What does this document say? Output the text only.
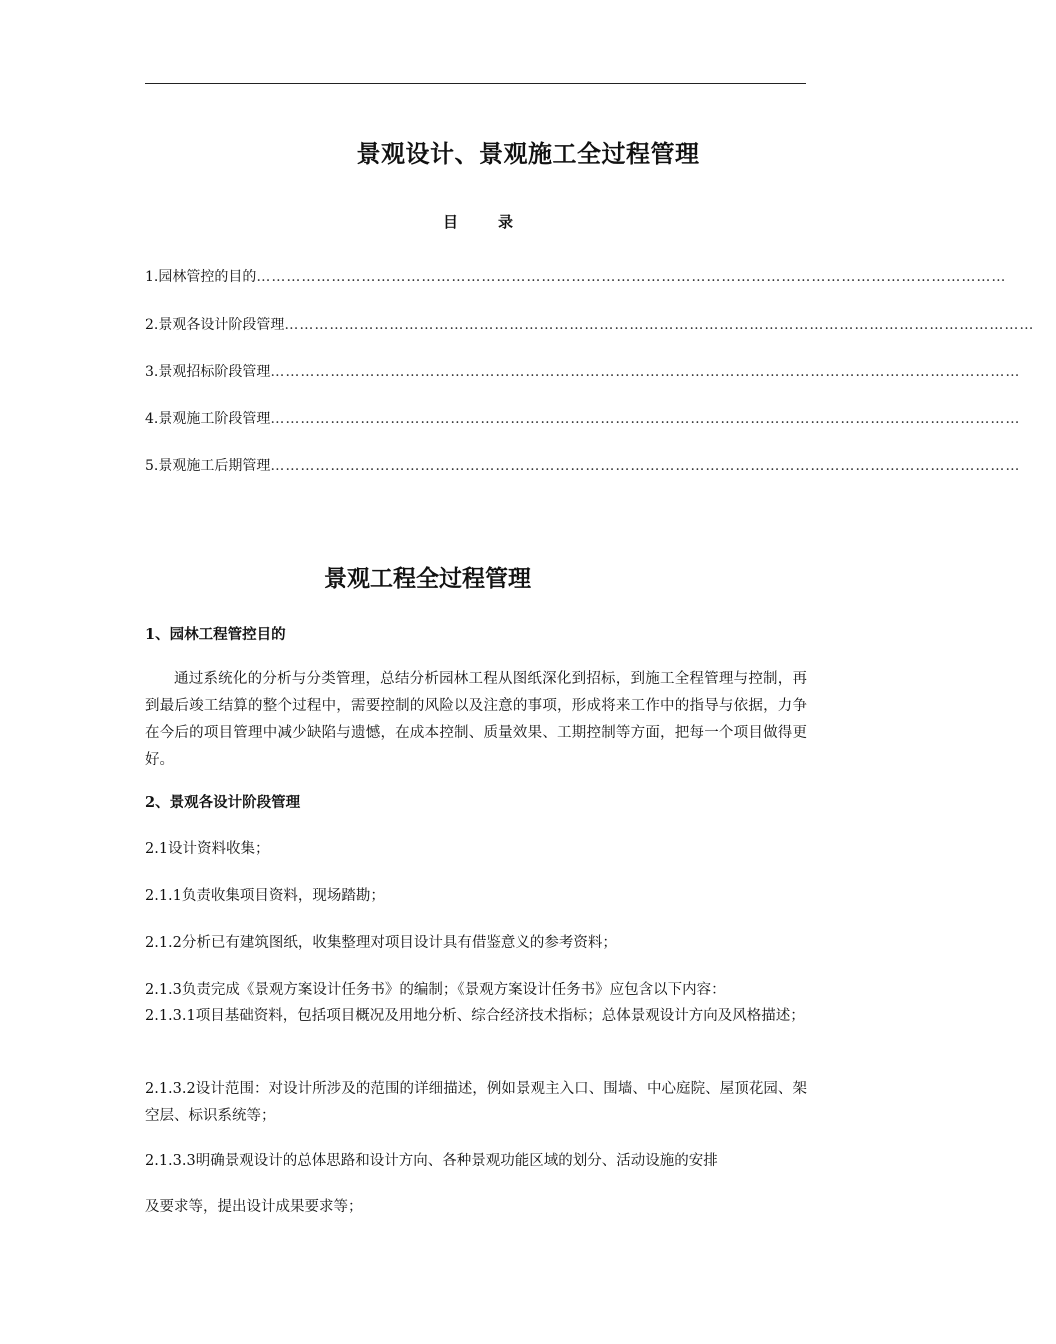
景观设计、景观施工全过程管理
目录
1.园林管控的目的……………………………………………………………………………………………………………………………………
2.景观各设计阶段管理……………………………………………………………………………………………………………………………………
3.景观招标阶段管理……………………………………………………………………………………………………………………………………
4.景观施工阶段管理……………………………………………………………………………………………………………………………………
5.景观施工后期管理……………………………………………………………………………………………………………………………………
景观工程全过程管理
1、园林工程管控目的
通过系统化的分析与分类管理，总结分析园林工程从图纸深化到招标，到施工全程管理与控制，再到最后竣工结算的整个过程中，需要控制的风险以及注意的事项，形成将来工作中的指导与依据，力争在今后的项目管理中减少缺陷与遗憾，在成本控制、质量效果、工期控制等方面，把每一个项目做得更好。
2、景观各设计阶段管理
2.1设计资料收集；
2.1.1负责收集项目资料，现场踏勘；
2.1.2分析已有建筑图纸，收集整理对项目设计具有借鉴意义的参考资料；
2.1.3负责完成《景观方案设计任务书》的编制；《景观方案设计任务书》应包含以下内容：
2.1.3.1项目基础资料，包括项目概况及用地分析、综合经济技术指标；总体景观设计方向及风格描述；
2.1.3.2设计范围：对设计所涉及的范围的详细描述，例如景观主入口、围墙、中心庭院、屋顶花园、架空层、标识系统等；
2.1.3.3明确景观设计的总体思路和设计方向、各种景观功能区域的划分、活动设施的安排
及要求等，提出设计成果要求等；
